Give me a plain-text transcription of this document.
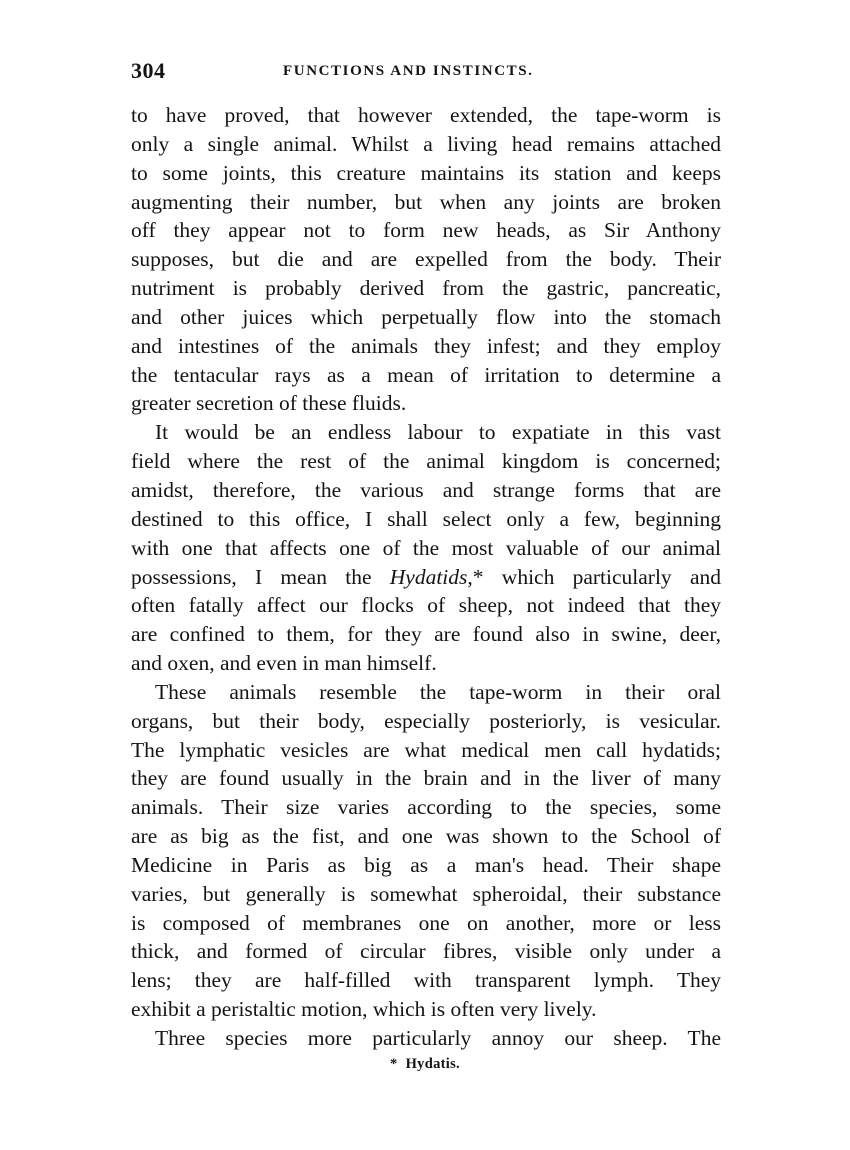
304	FUNCTIONS AND INSTINCTS.
to have proved, that however extended, the tape-worm is
only a single animal. Whilst a living head remains attached
to some joints, this creature maintains its station and keeps
augmenting their number, but when any joints are broken
off they appear not to form new heads, as Sir Anthony
supposes, but die and are expelled from the body. Their
nutriment is probably derived from the gastric, pancreatic,
and other juices which perpetually flow into the stomach
and intestines of the animals they infest; and they employ
the tentacular rays as a mean of irritation to determine a
greater secretion of these fluids.
It would be an endless labour to expatiate in this vast
field where the rest of the animal kingdom is concerned;
amidst, therefore, the various and strange forms that are
destined to this office, I shall select only a few, beginning
with one that affects one of the most valuable of our animal
possessions, I mean the Hydatids,* which particularly and
often fatally affect our flocks of sheep, not indeed that they
are confined to them, for they are found also in swine, deer,
and oxen, and even in man himself.
These animals resemble the tape-worm in their oral
organs, but their body, especially posteriorly, is vesicular.
The lymphatic vesicles are what medical men call hydatids;
they are found usually in the brain and in the liver of many
animals. Their size varies according to the species, some
are as big as the fist, and one was shown to the School of
Medicine in Paris as big as a man's head. Their shape
varies, but generally is somewhat spheroidal, their substance
is composed of membranes one on another, more or less
thick, and formed of circular fibres, visible only under a
lens; they are half-filled with transparent lymph. They
exhibit a peristaltic motion, which is often very lively.
Three species more particularly annoy our sheep. The
* Hydatis.
